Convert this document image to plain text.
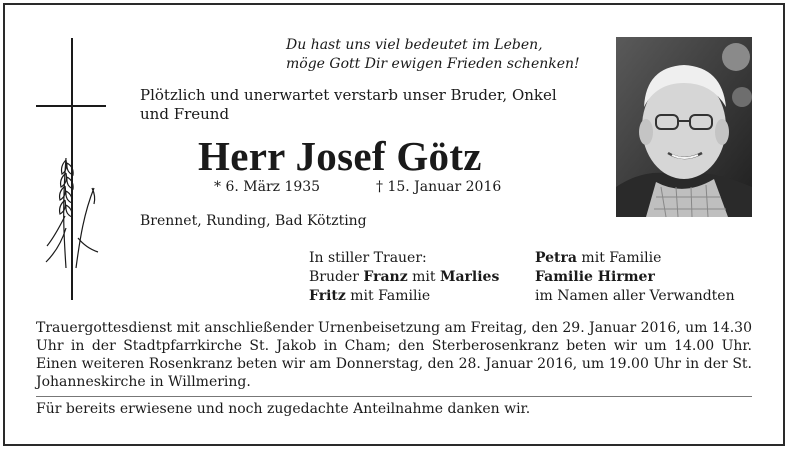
Du hast uns viel bedeutet im Leben,
möge Gott Dir ewigen Frieden schenken!
Plötzlich und unerwartet verstarb unser Bruder, Onkel
und Freund
Herr Josef Götz
* 6. März 1935	† 15. Januar 2016
Brennet, Runding, Bad Kötzting
In stiller Trauer:
Bruder Franz mit Marlies
Fritz mit Familie
Petra mit Familie
Familie Hirmer
im Namen aller Verwandten
Trauergottesdienst mit anschließender Urnenbeisetzung am Freitag, den 29. Januar 2016, um 14.30 Uhr in der Stadtpfarrkirche St. Jakob in Cham; den Sterberosenkranz beten wir um 14.00 Uhr. Einen weiteren Rosenkranz beten wir am Donnerstag, den 28. Januar 2016, um 19.00 Uhr in der St. Johanneskirche in Willmering.
Für bereits erwiesene und noch zugedachte Anteilnahme danken wir.
